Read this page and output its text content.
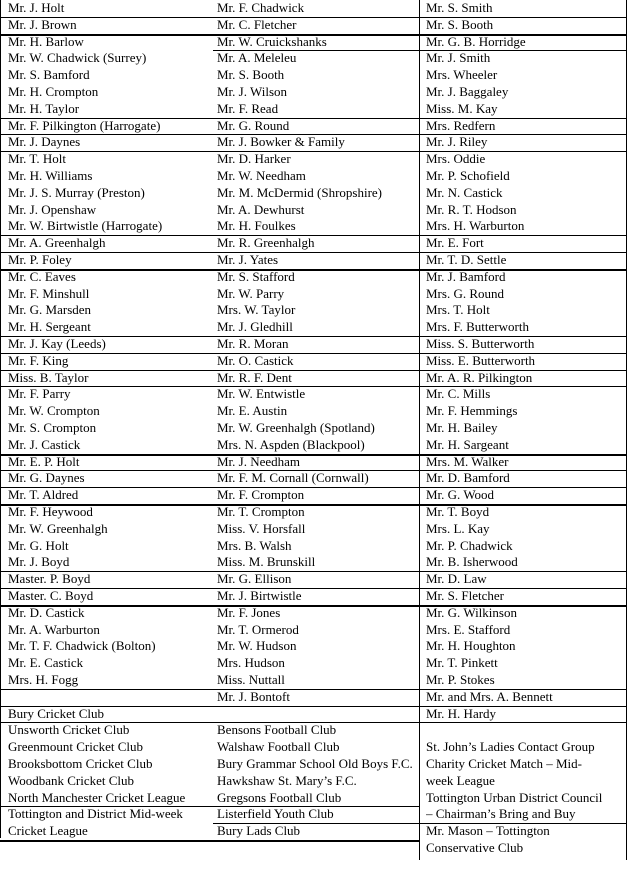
Mr. J. Holt
Mr. J. Brown
Mr. H. Barlow
Mr. W. Chadwick (Surrey)
Mr. S. Bamford
Mr. H. Crompton
Mr. H. Taylor
Mr. F. Pilkington (Harrogate)
Mr. J. Daynes
Mr. T. Holt
Mr. H. Williams
Mr. J. S. Murray (Preston)
Mr. J. Openshaw
Mr. W. Birtwistle (Harrogate)
Mr. A. Greenhalgh
Mr. P. Foley
Mr. C. Eaves
Mr. F. Minshull
Mr. G. Marsden
Mr. H. Sergeant
Mr. J. Kay (Leeds)
Mr. F. King
Miss. B. Taylor
Mr. F. Parry
Mr. W. Crompton
Mr. S. Crompton
Mr. J. Castick
Mr. E. P. Holt
Mr. G. Daynes
Mr. T. Aldred
Mr. F. Heywood
Mr. W. Greenhalgh
Mr. G. Holt
Mr. J. Boyd
Master. P. Boyd
Master. C. Boyd
Mr. D. Castick
Mr. A. Warburton
Mr. T. F. Chadwick (Bolton)
Mr. E. Castick
Mrs. H. Fogg
Bury Cricket Club
Unsworth Cricket Club
Greenmount Cricket Club
Brooksbottom Cricket Club
Woodbank Cricket Club
North Manchester Cricket League
Tottington and District Mid-week
Cricket League
Mr. F. Chadwick
Mr. C. Fletcher
Mr. W. Cruickshanks
Mr. A. Meleleu
Mr. S. Booth
Mr. J. Wilson
Mr. F. Read
Mr. G. Round
Mr. J. Bowker & Family
Mr. D. Harker
Mr. W. Needham
Mr. M. McDermid (Shropshire)
Mr. A. Dewhurst
Mr. H. Foulkes
Mr. R. Greenhalgh
Mr. J. Yates
Mr. S. Stafford
Mr. W. Parry
Mrs. W. Taylor
Mr. J. Gledhill
Mr. R. Moran
Mr. O. Castick
Mr. R. F. Dent
Mr. W. Entwistle
Mr. E. Austin
Mr. W. Greenhalgh (Spotland)
Mrs. N. Aspden (Blackpool)
Mr. J. Needham
Mr. F. M. Cornall (Cornwall)
Mr. F. Crompton
Mr. T. Crompton
Miss. V. Horsfall
Mrs. B. Walsh
Miss. M. Brunskill
Mr. G. Ellison
Mr. J. Birtwistle
Mr. F. Jones
Mr. T. Ormerod
Mr. W. Hudson
Mrs. Hudson
Miss. Nuttall
Mr. J. Bontoft
Bensons Football Club
Walshaw Football Club
Bury Grammar School Old Boys F.C.
Hawkshaw St. Mary’s F.C.
Gregsons Football Club
Listerfield Youth Club
Bury Lads Club
Mr. S. Smith
Mr. S. Booth
Mr. G. B. Horridge
Mr. J. Smith
Mrs. Wheeler
Mr. J. Baggaley
Miss. M. Kay
Mrs. Redfern
Mr. J. Riley
Mrs. Oddie
Mr. P. Schofield
Mr. N. Castick
Mr. R. T. Hodson
Mrs. H. Warburton
Mr. E. Fort
Mr. T. D. Settle
Mr. J. Bamford
Mrs. G. Round
Mrs. T. Holt
Mrs. F. Butterworth
Miss. S. Butterworth
Miss. E. Butterworth
Mr. A. R. Pilkington
Mr. C. Mills
Mr. F. Hemmings
Mr. H. Bailey
Mr. H. Sargeant
Mrs. M. Walker
Mr. D. Bamford
Mr. G. Wood
Mr. T. Boyd
Mrs. L. Kay
Mr. P. Chadwick
Mr. B. Isherwood
Mr. D. Law
Mr. S. Fletcher
Mr. G. Wilkinson
Mrs. E. Stafford
Mr. H. Houghton
Mr. T. Pinkett
Mr. P. Stokes
Mr. and Mrs. A. Bennett
Mr. H. Hardy
St. John’s Ladies Contact Group
Charity Cricket Match – Mid-
week League
Tottington Urban District Council
– Chairman’s Bring and Buy
Mr. Mason – Tottington
Conservative Club
